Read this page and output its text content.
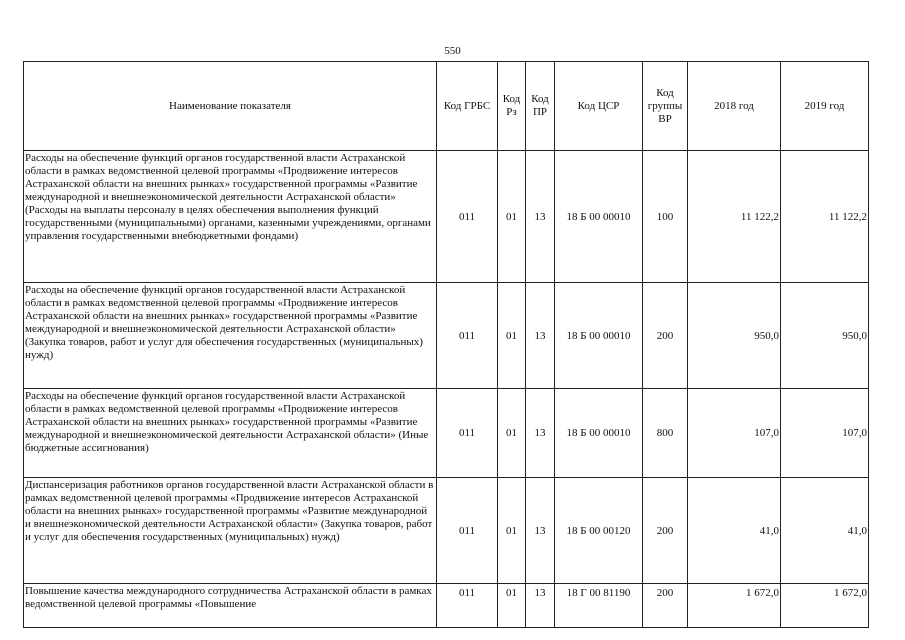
550
Наименование показателя	Код ГРБС	Код Рз	Код ПР	Код ЦСР	Код группы ВР	2018 год	2019 год
Расходы на обеспечение функций органов государственной власти Астраханской области в рамках ведомственной целевой программы «Продвижение интересов Астраханской области на внешних рынках» государственной программы «Развитие международной и внешнеэкономической деятельности Астраханской области» (Расходы на выплаты персоналу в целях обеспечения выполнения функций государственными (муниципальными) органами, казенными учреждениями, органами управления государственными внебюджетными фондами)	011	01	13	18 Б 00 00010	100	11 122,2	11 122,2
Расходы на обеспечение функций органов государственной власти Астраханской области в рамках ведомственной целевой программы «Продвижение интересов Астраханской области на внешних рынках» государственной программы «Развитие международной и внешнеэкономической деятельности Астраханской области» (Закупка товаров, работ и услуг для обеспечения государственных (муниципальных) нужд)	011	01	13	18 Б 00 00010	200	950,0	950,0
Расходы на обеспечение функций органов государственной власти Астраханской области в рамках ведомственной целевой программы «Продвижение интересов Астраханской области на внешних рынках» государственной программы «Развитие международной и внешнеэкономической деятельности Астраханской области» (Иные бюджетные ассигнования)	011	01	13	18 Б 00 00010	800	107,0	107,0
Диспансеризация работников органов государственной власти Астраханской области в рамках ведомственной целевой программы «Продвижение интересов Астраханской области на внешних рынках» государственной программы «Развитие международной и внешнеэкономической деятельности Астраханской области» (Закупка товаров, работ и услуг для обеспечения государственных (муниципальных) нужд)	011	01	13	18 Б 00 00120	200	41,0	41,0
Повышение качества международного сотрудничества Астраханской области в рамках ведомственной целевой программы «Повышение	011	01	13	18 Г 00 81190	200	1 672,0	1 672,0
